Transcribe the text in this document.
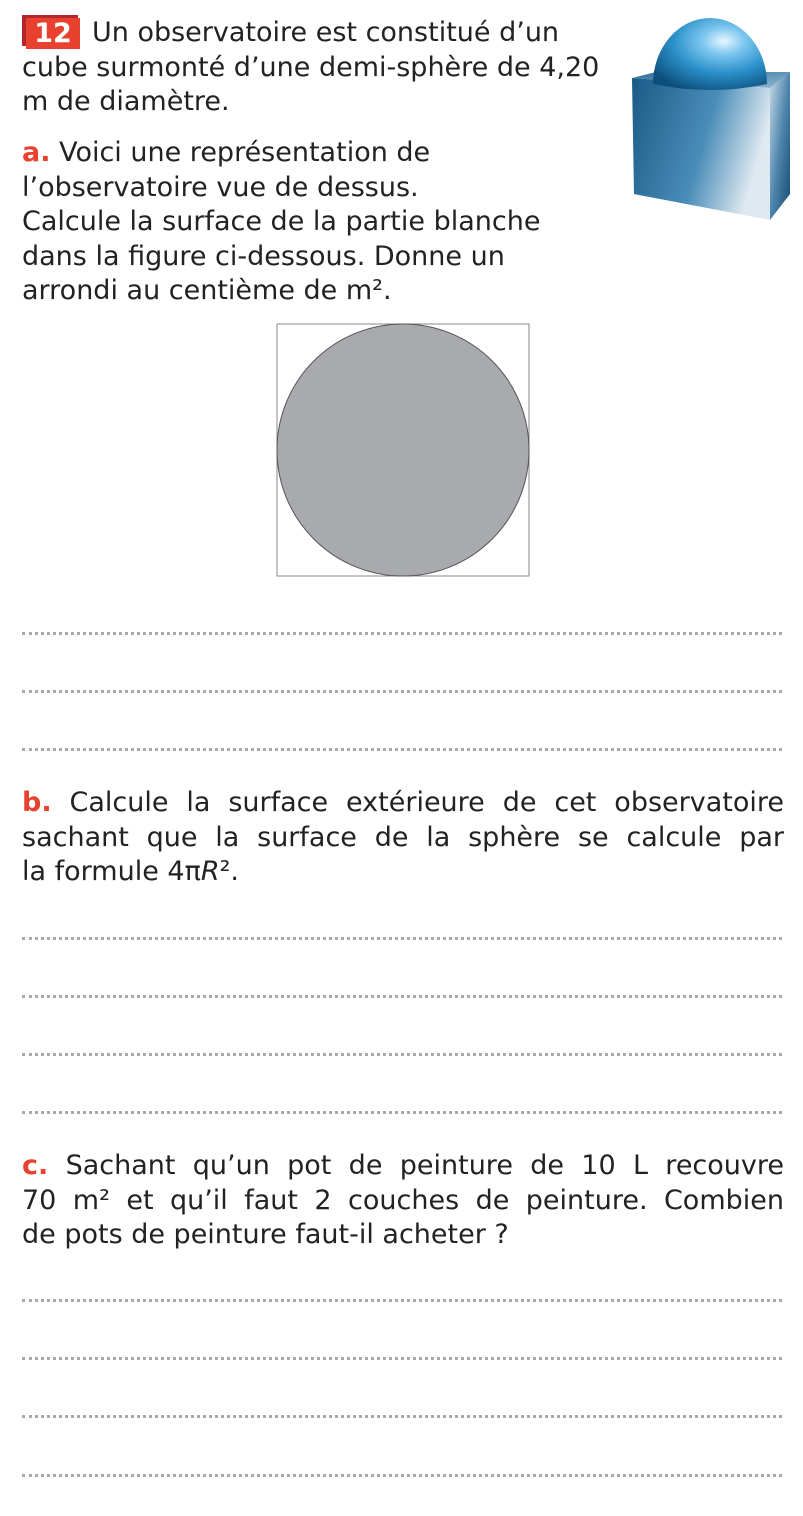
12 Un observatoire est constitué d’un cube surmonté d’une demi-sphère de 4,20 m de diamètre.
a. Voici une représentation de
l’observatoire vue de dessus.
Calcule la surface de la partie blanche
dans la figure ci-dessous. Donne un
arrondi au centième de m².
b. Calcule la surface extérieure de cet observatoire
sachant que la surface de la sphère se calcule par
la formule 4πR².
c. Sachant qu’un pot de peinture de 10 L recouvre
70 m² et qu’il faut 2 couches de peinture. Combien
de pots de peinture faut-il acheter ?
